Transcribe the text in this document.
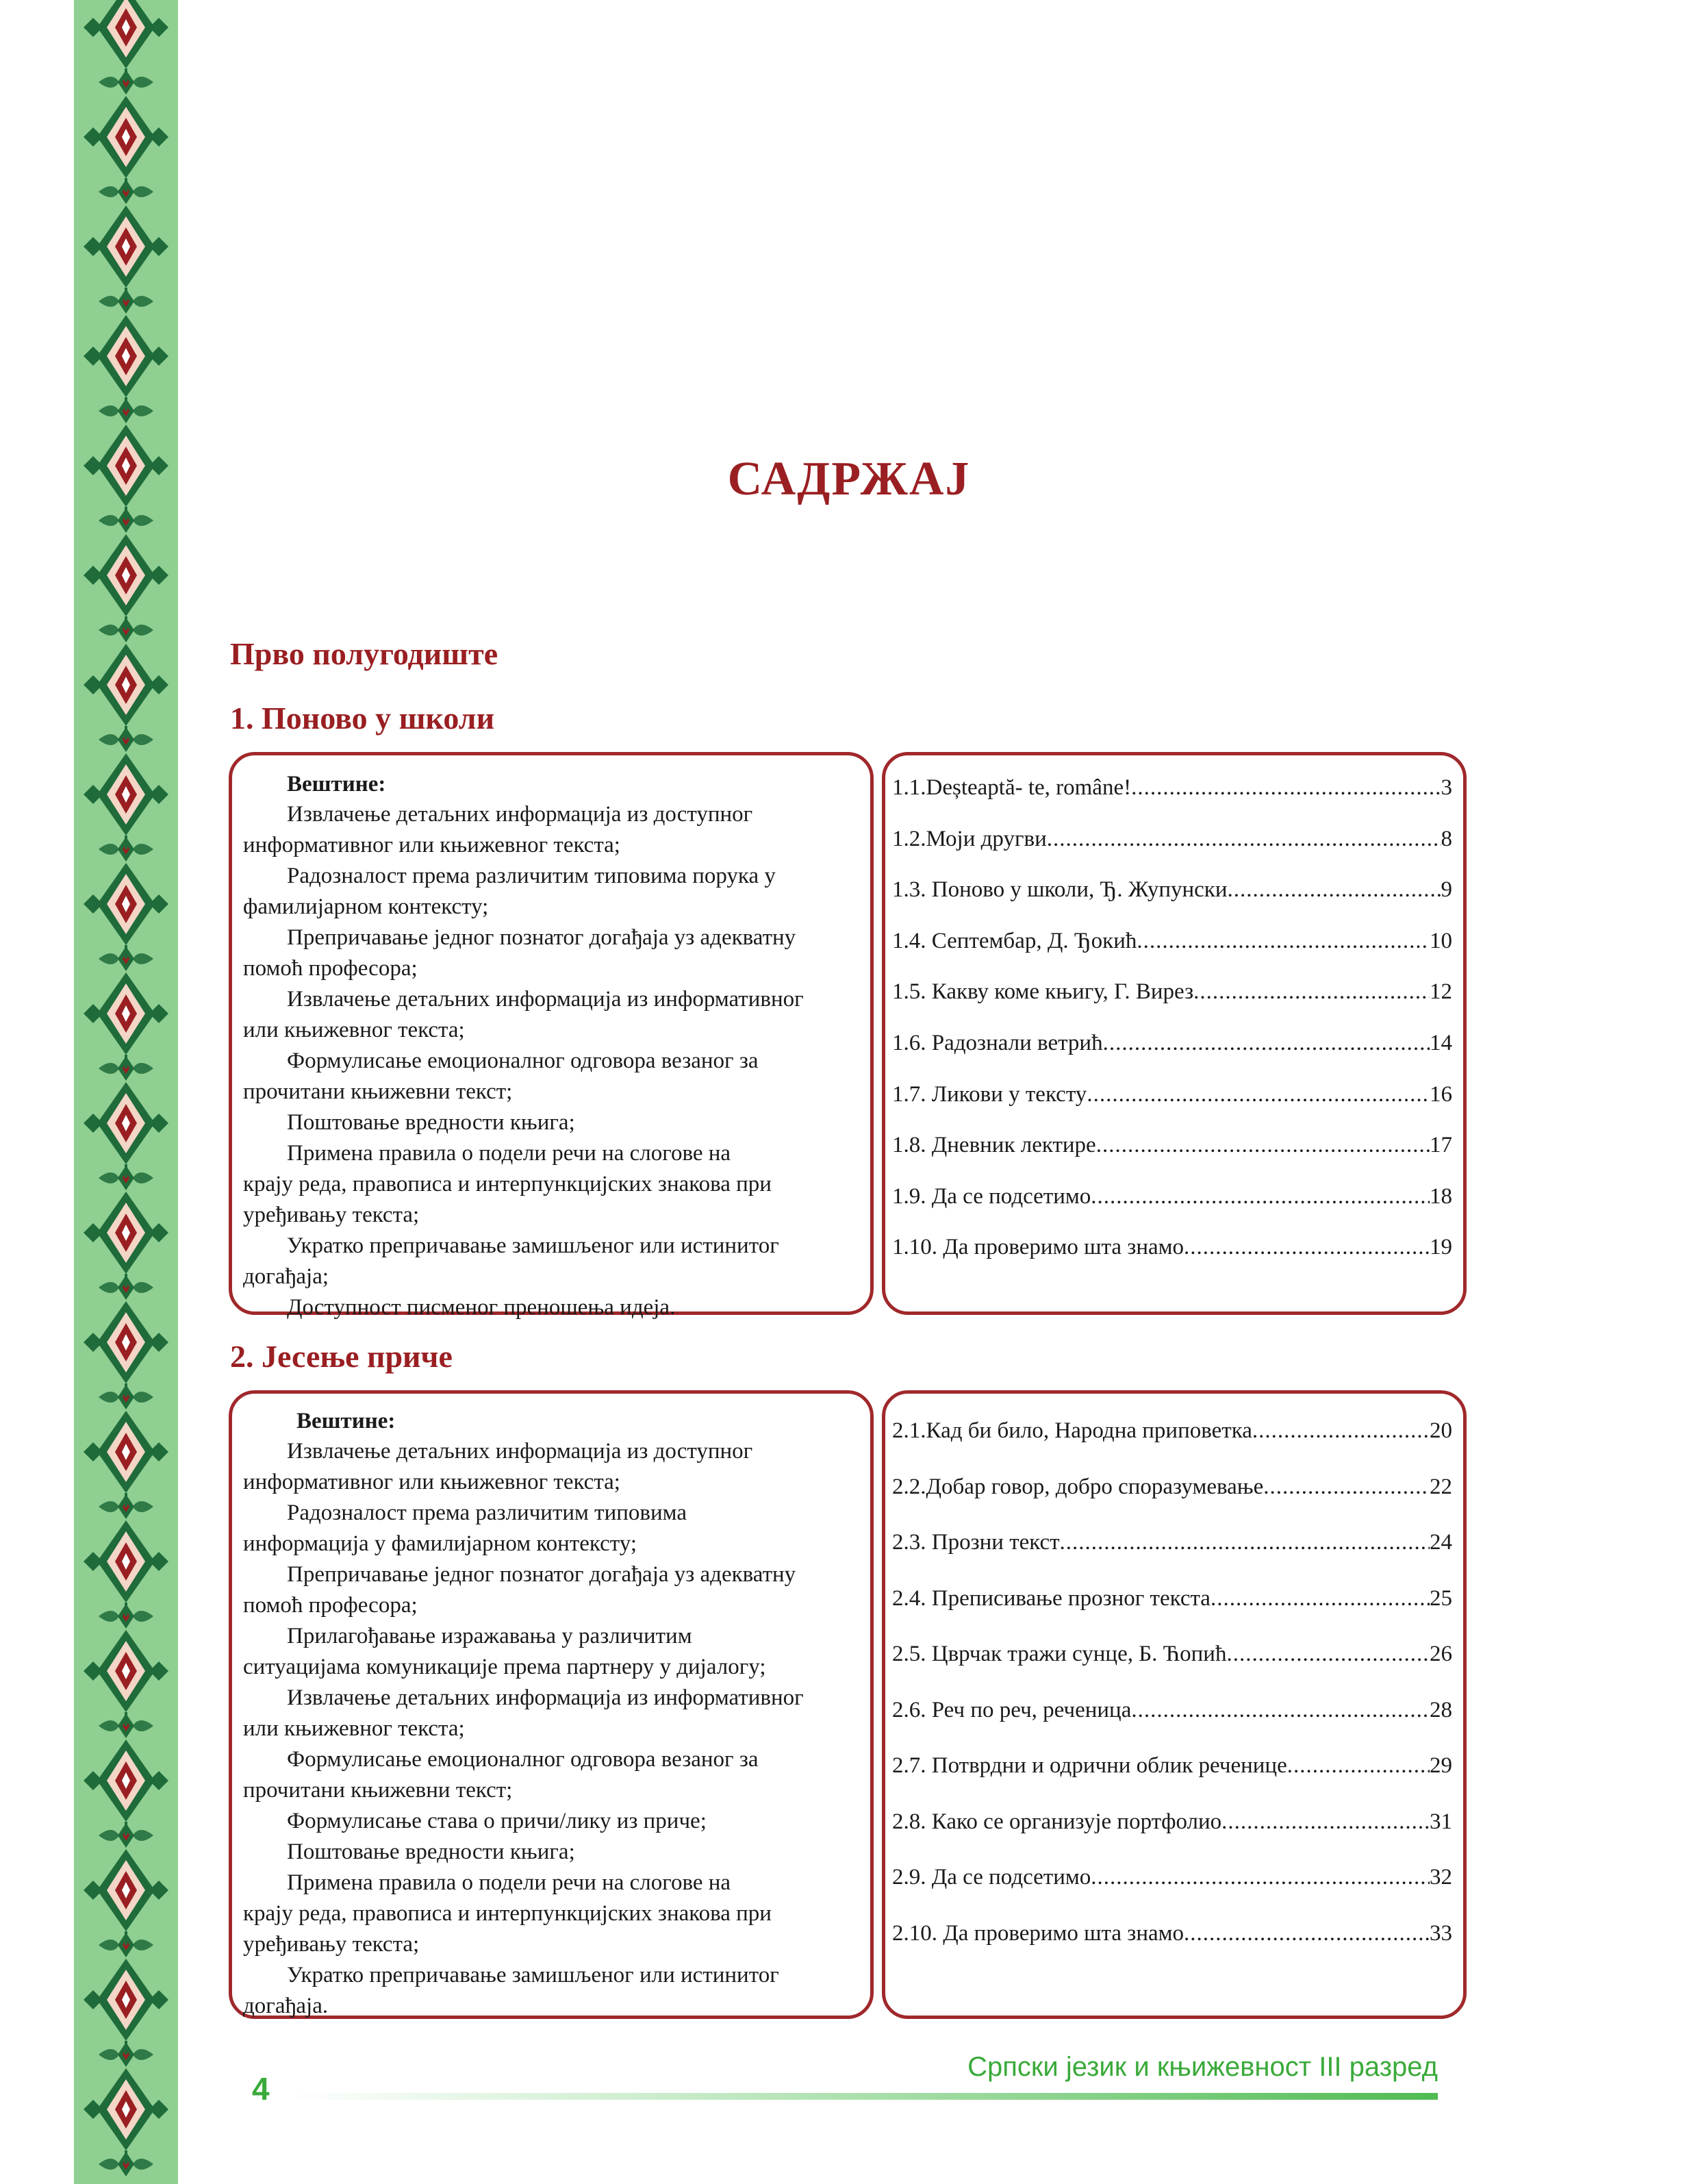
САДРЖАЈ
Прво полугодиште
1. Поново у школи
Вештине:
Извлачење детаљних информација из доступног
информативног или књижевног текста;
Радозналост према различитим типовима порука у
фамилијарном контексту;
Препричавање једног познатог догађаја уз адекватну
помоћ професора;
Извлачење детаљних информација из информативног
или књижевног текста;
Формулисање емоционалног одговора везаног за
прочитани књижевни текст;
Поштовање вредности књига;
Примена правила о подели речи на слогове на
крају реда, правописа и интерпункцијских знакова при
уређивању текста;
Укратко препричавање замишљеног или истинитог
догађаја;
Доступност писменог преношења идеја.
1.1.Deșteaptă- te, române! .....	3
1.2.Моји другви .....	8
1.3. Поново у школи, Ђ. Жупунски .....	9
1.4. Септембар, Д. Ђокић .....	10
1.5. Какву коме књигу, Г. Вирез .....	12
1.6. Радознали ветрић .....	14
1.7. Ликови у тексту .....	16
1.8. Дневник лектире .....	17
1.9. Да се подсетимо .....	18
1.10. Да проверимо шта знамо .....	19
2. Јесење приче
Вештине:
Извлачење детаљних информација из доступног
информативног или књижевног текста;
Радозналост према различитим типовима
информација у фамилијарном контексту;
Препричавање једног познатог догађаја уз адекватну
помоћ професора;
Прилагођавање изражавања у различитим
ситуацијама комуникације према партнеру у дијалогу;
Извлачење детаљних информација из информативног
или књижевног текста;
Формулисање емоционалног одговора везаног за
прочитани књижевни текст;
Формулисање става о причи/лику из приче;
Поштовање вредности књига;
Примена правила о подели речи на слогове на
крају реда, правописа и интерпункцијских знакова при
уређивању текста;
Укратко препричавање замишљеног или истинитог
догађаја.
2.1.Кад би било, Народна приповетка .....	20
2.2.Добар говор, добро споразумевање .....	22
2.3. Прозни текст .....	24
2.4. Преписивање прозног текста .....	25
2.5. Цврчак тражи сунце, Б. Ћопић .....	26
2.6. Реч по реч, реченица .....	28
2.7. Потврдни и одрични облик реченице .....	29
2.8. Како се организује портфолио .....	31
2.9. Да се подсетимо .....	32
2.10. Да проверимо шта знамо .....	33
4
Српски језик и књижевност III разред
